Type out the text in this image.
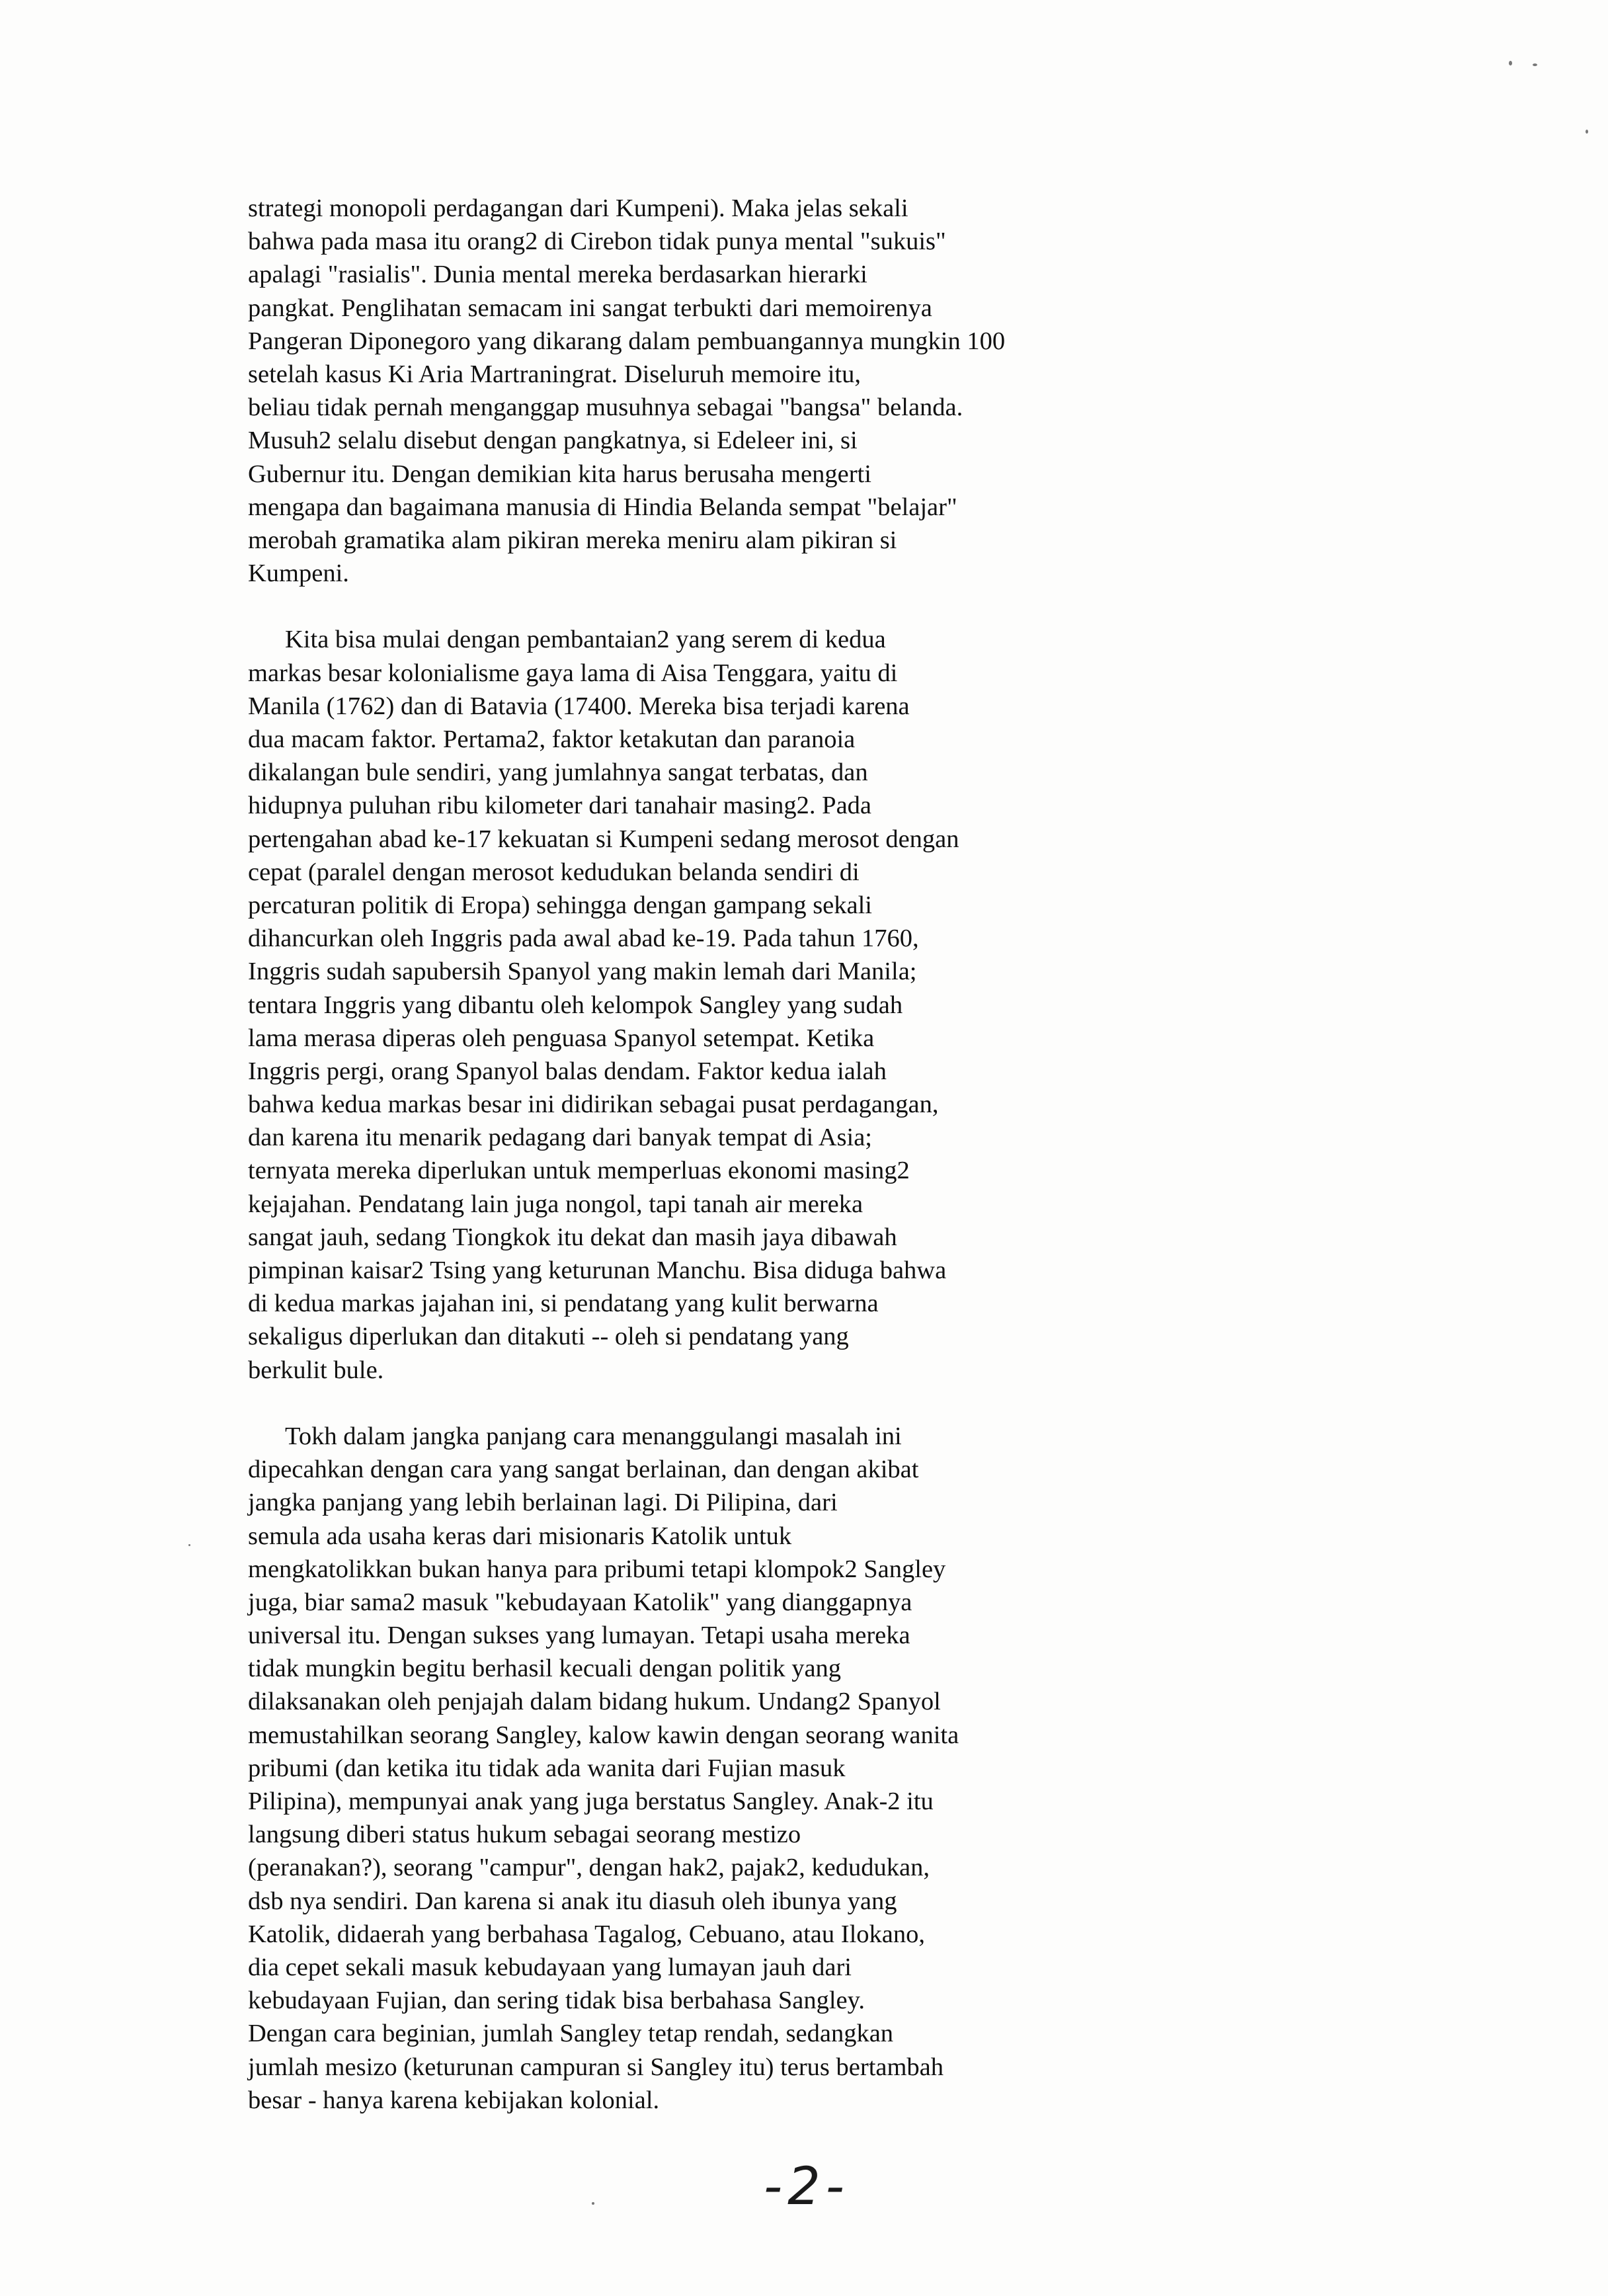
strategi monopoli perdagangan dari Kumpeni). Maka jelas sekali
bahwa pada masa itu orang2 di Cirebon tidak punya mental "sukuis"
apalagi "rasialis". Dunia mental mereka berdasarkan hierarki
pangkat. Penglihatan semacam ini sangat terbukti dari memoirenya
Pangeran Diponegoro yang dikarang dalam pembuangannya mungkin 100
setelah kasus Ki Aria Martraningrat. Diseluruh memoire itu,
beliau tidak pernah menganggap musuhnya sebagai "bangsa" belanda.
Musuh2 selalu disebut dengan pangkatnya, si Edeleer ini, si
Gubernur itu. Dengan demikian kita harus berusaha mengerti
mengapa dan bagaimana manusia di Hindia Belanda sempat "belajar"
merobah gramatika alam pikiran mereka meniru alam pikiran si
Kumpeni.
Kita bisa mulai dengan pembantaian2 yang serem di kedua
markas besar kolonialisme gaya lama di Aisa Tenggara, yaitu di
Manila (1762) dan di Batavia (17400. Mereka bisa terjadi karena
dua macam faktor. Pertama2, faktor ketakutan dan paranoia
dikalangan bule sendiri, yang jumlahnya sangat terbatas, dan
hidupnya puluhan ribu kilometer dari tanahair masing2. Pada
pertengahan abad ke-17 kekuatan si Kumpeni sedang merosot dengan
cepat (paralel dengan merosot kedudukan belanda sendiri di
percaturan politik di Eropa) sehingga dengan gampang sekali
dihancurkan oleh Inggris pada awal abad ke-19. Pada tahun 1760,
Inggris sudah sapubersih Spanyol yang makin lemah dari Manila;
tentara Inggris yang dibantu oleh kelompok Sangley yang sudah
lama merasa diperas oleh penguasa Spanyol setempat. Ketika
Inggris pergi, orang Spanyol balas dendam. Faktor kedua ialah
bahwa kedua markas besar ini didirikan sebagai pusat perdagangan,
dan karena itu menarik pedagang dari banyak tempat di Asia;
ternyata mereka diperlukan untuk memperluas ekonomi masing2
kejajahan. Pendatang lain juga nongol, tapi tanah air mereka
sangat jauh, sedang Tiongkok itu dekat dan masih jaya dibawah
pimpinan kaisar2 Tsing yang keturunan Manchu. Bisa diduga bahwa
di kedua markas jajahan ini, si pendatang yang kulit berwarna
sekaligus diperlukan dan ditakuti -- oleh si pendatang yang
berkulit bule.
Tokh dalam jangka panjang cara menanggulangi masalah ini
dipecahkan dengan cara yang sangat berlainan, dan dengan akibat
jangka panjang yang lebih berlainan lagi. Di Pilipina, dari
semula ada usaha keras dari misionaris Katolik untuk
mengkatolikkan bukan hanya para pribumi tetapi klompok2 Sangley
juga, biar sama2 masuk "kebudayaan Katolik" yang dianggapnya
universal itu. Dengan sukses yang lumayan. Tetapi usaha mereka
tidak mungkin begitu berhasil kecuali dengan politik yang
dilaksanakan oleh penjajah dalam bidang hukum. Undang2 Spanyol
memustahilkan seorang Sangley, kalow kawin dengan seorang wanita
pribumi (dan ketika itu tidak ada wanita dari Fujian masuk
Pilipina), mempunyai anak yang juga berstatus Sangley. Anak-2 itu
langsung diberi status hukum sebagai seorang mestizo
(peranakan?), seorang "campur", dengan hak2, pajak2, kedudukan,
dsb nya sendiri. Dan karena si anak itu diasuh oleh ibunya yang
Katolik, didaerah yang berbahasa Tagalog, Cebuano, atau Ilokano,
dia cepet sekali masuk kebudayaan yang lumayan jauh dari
kebudayaan Fujian, dan sering tidak bisa berbahasa Sangley.
Dengan cara beginian, jumlah Sangley tetap rendah, sedangkan
jumlah mesizo (keturunan campuran si Sangley itu) terus bertambah
besar - hanya karena kebijakan kolonial.
-2-
